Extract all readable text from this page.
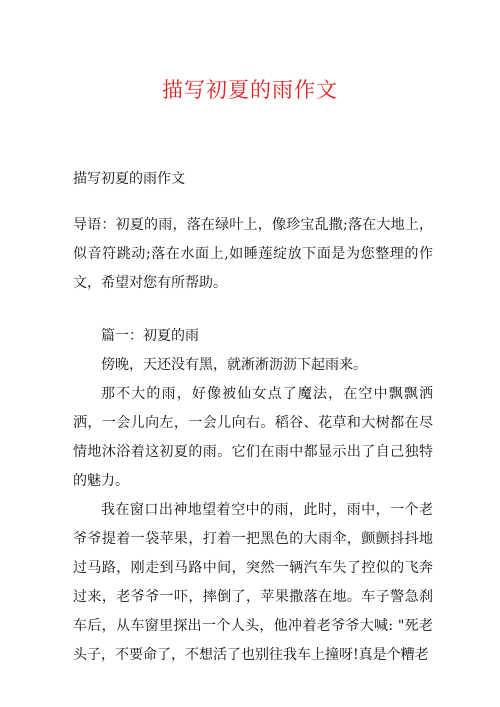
描写初夏的雨作文
描写初夏的雨作文
导语：初夏的雨，落在绿叶上，像珍宝乱撒;落在大地上，似音符跳动;落在水面上,如睡莲绽放下面是为您整理的作文，希望对您有所帮助。

篇一：初夏的雨

傍晚，天还没有黑，就淅淅沥沥下起雨来。

那不大的雨，好像被仙女点了魔法，在空中飘飘洒洒，一会儿向左，一会儿向右。稻谷、花草和大树都在尽情地沐浴着这初夏的雨。它们在雨中都显示出了自己独特的魅力。

我在窗口出神地望着空中的雨，此时，雨中，一个老爷爷提着一袋苹果，打着一把黑色的大雨伞，颤颤抖抖地过马路，刚走到马路中间，突然一辆汽车失了控似的飞奔过来，老爷爷一吓，摔倒了，苹果撒落在地。车子警急刹车后，从车窗里探出一个人头，他冲着老爷爷大喊: "死老头子，不要命了，不想活了也别往我车上撞呀!真是个糟老
